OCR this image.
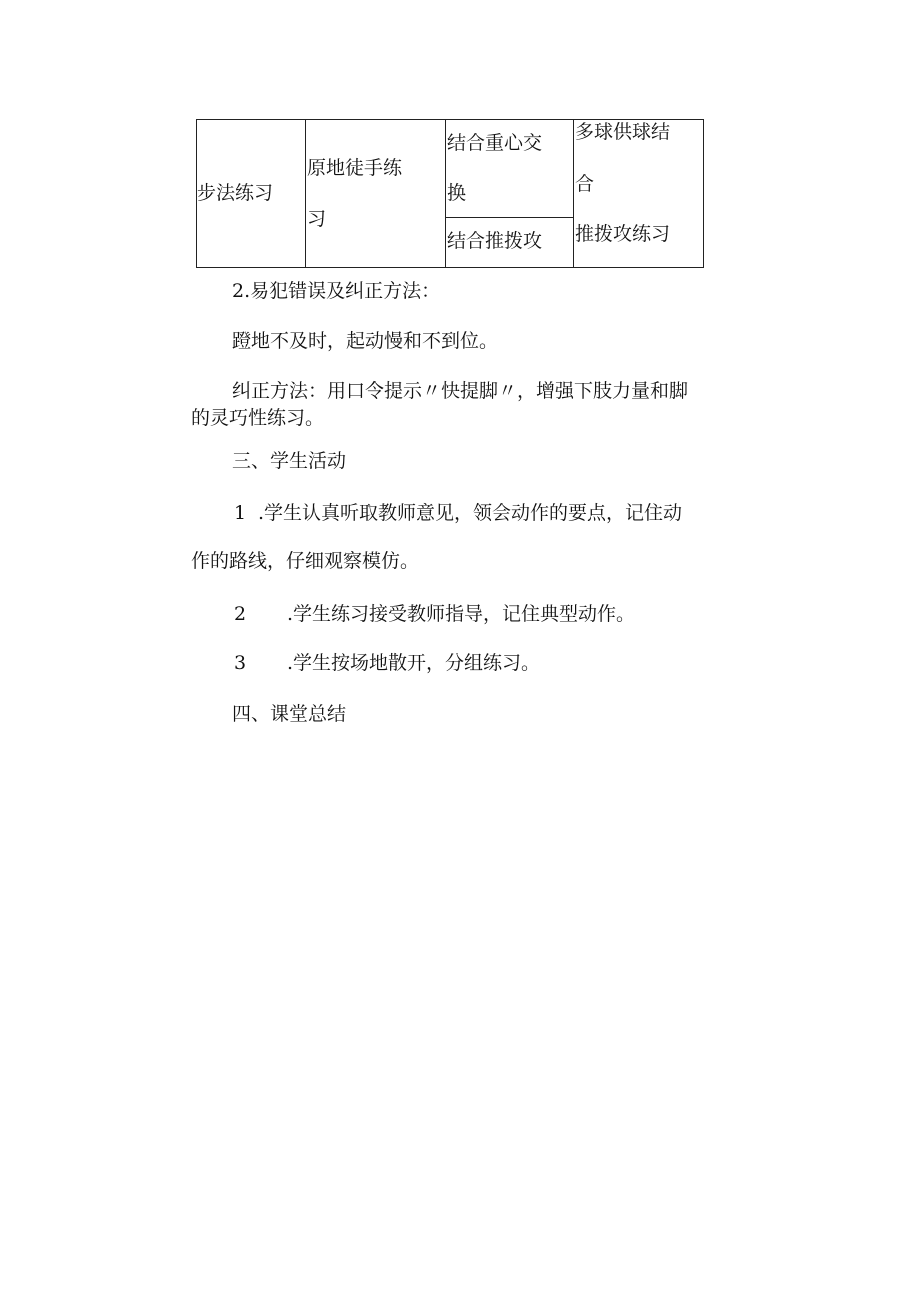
步法练习
原地徒手练
习
结合重心交
换
结合推拨攻
多球供球结
合
推拨攻练习
2.易犯错误及纠正方法：
蹬地不及时，起动慢和不到位。
纠正方法：用口令提示〃快提脚〃，增强下肢力量和脚
的灵巧性练习。
三、学生活动
1 .学生认真听取教师意见，领会动作的要点，记住动
作的路线，仔细观察模仿。
2 .学生练习接受教师指导，记住典型动作。
3 .学生按场地散开，分组练习。
四、课堂总结
